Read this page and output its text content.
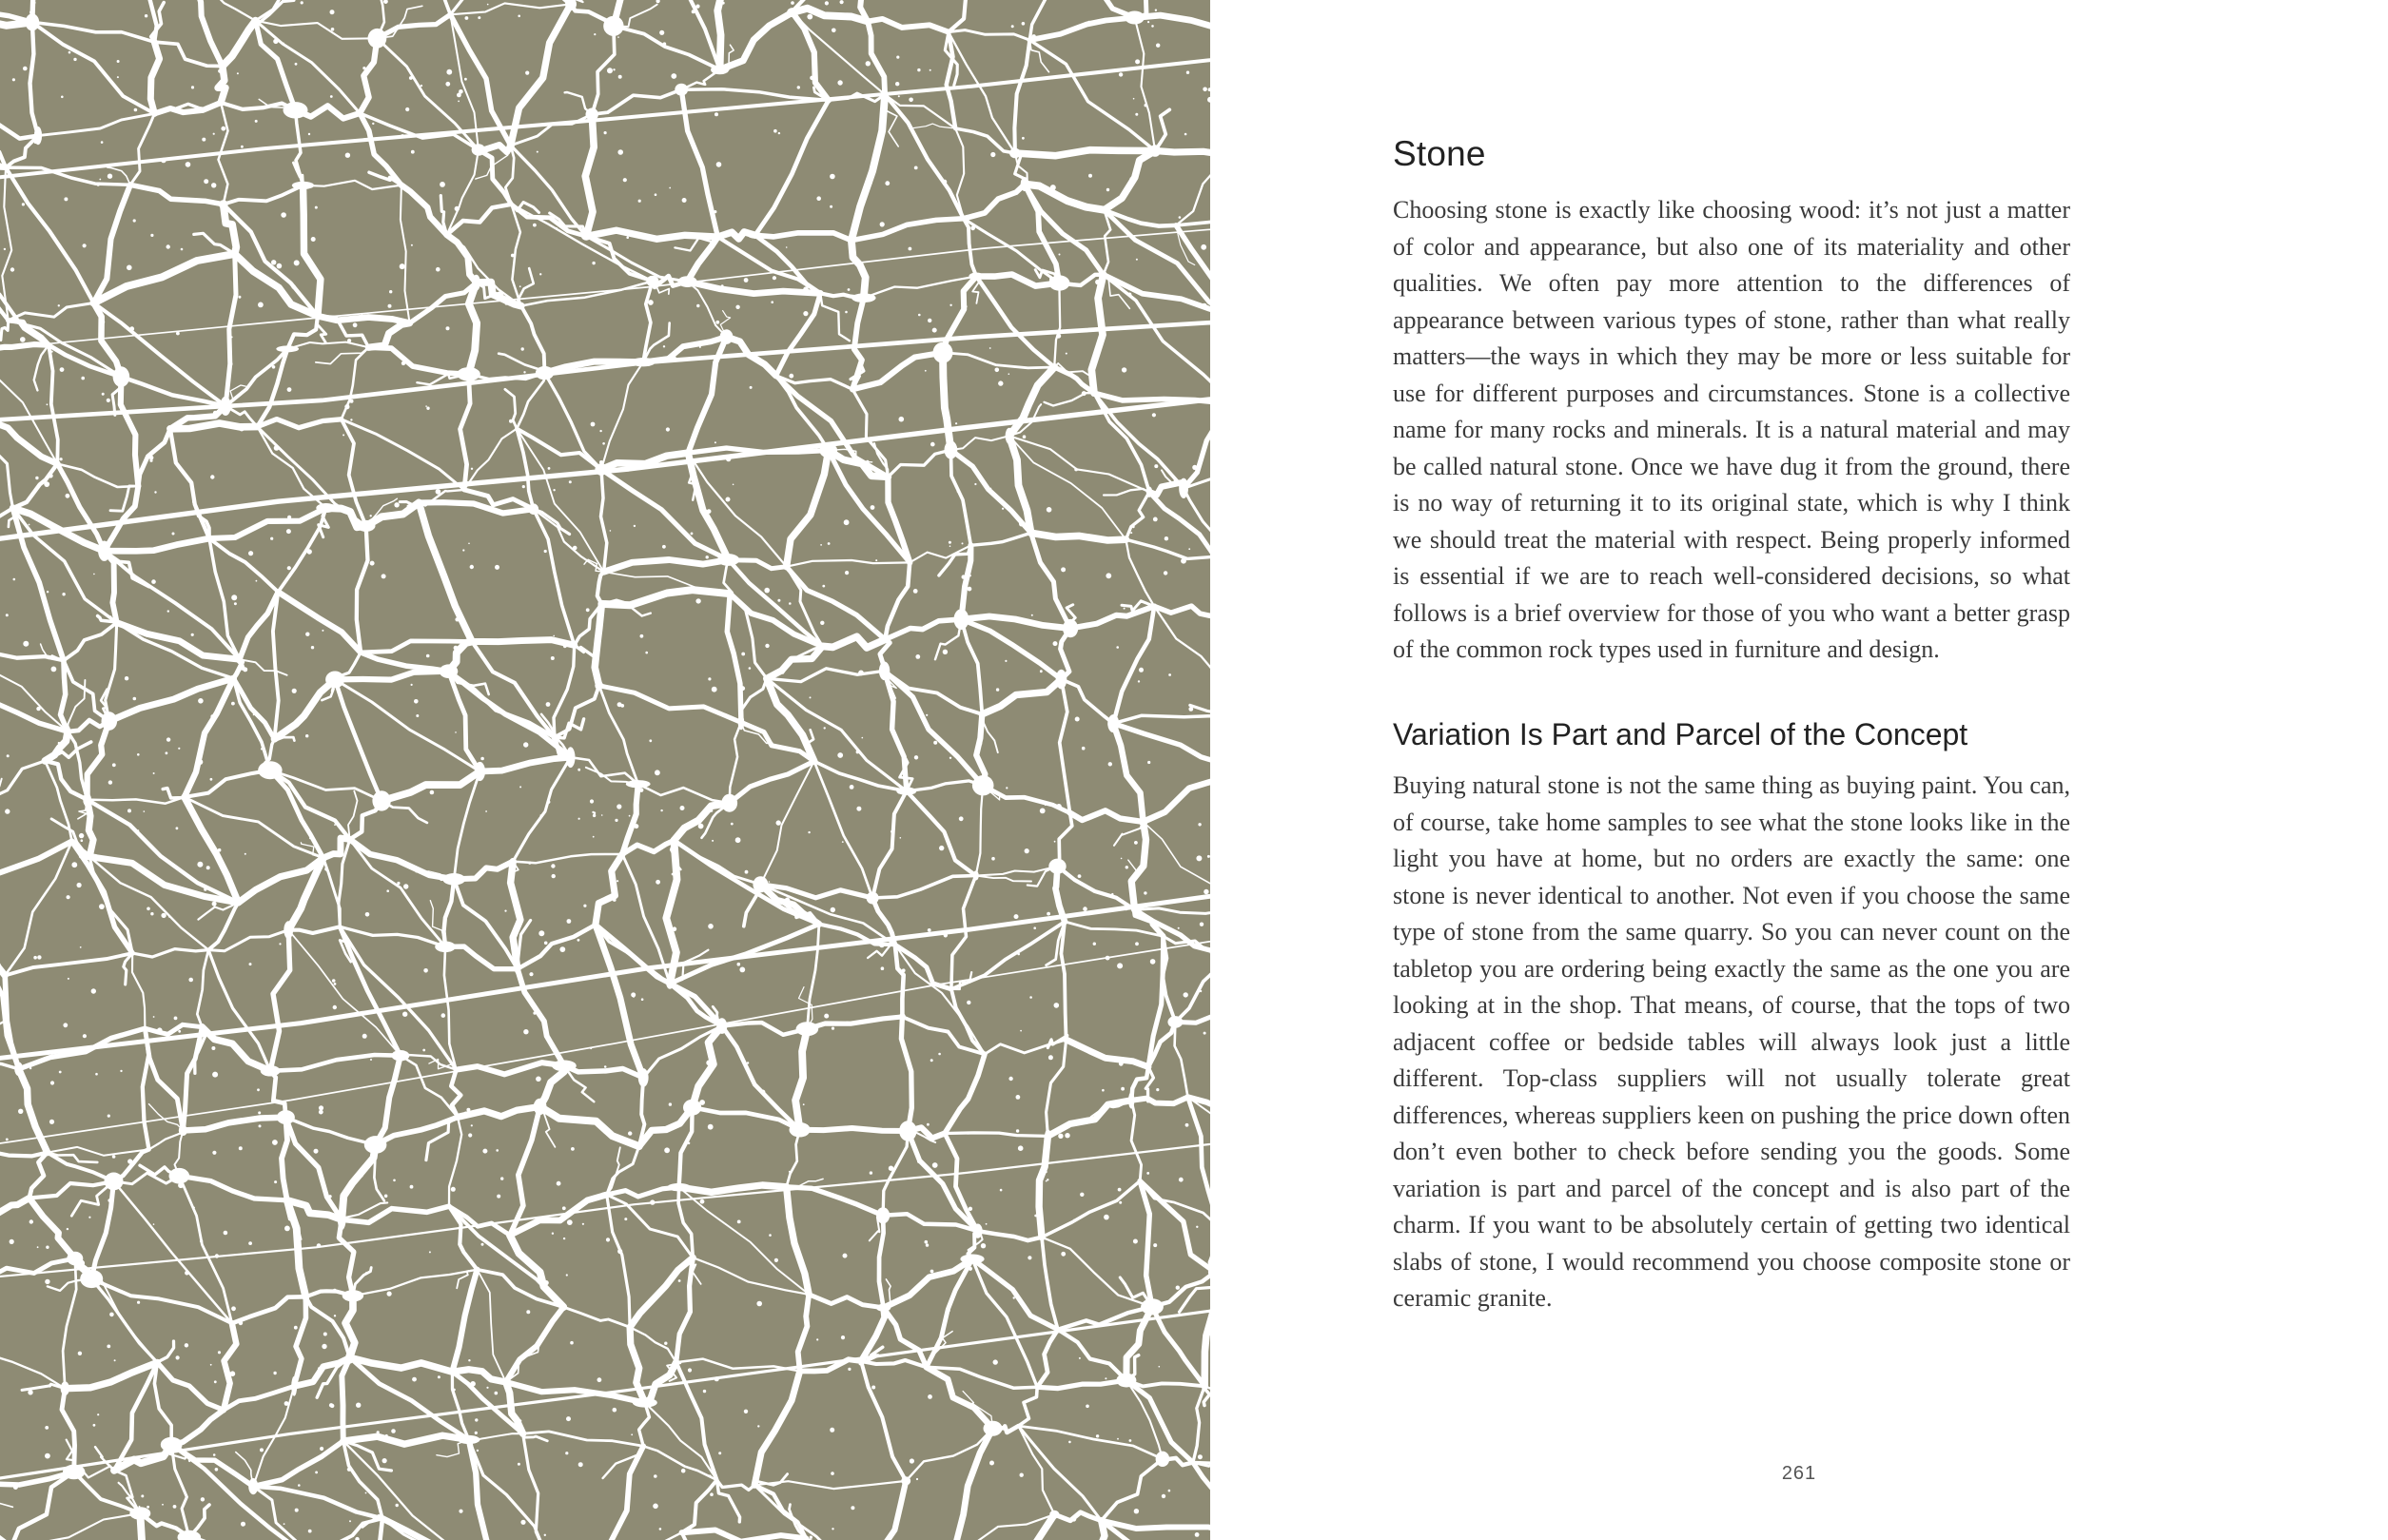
Stone

Choosing stone is exactly like choosing wood: it’s not just a matter of color and appearance, but also one of its materiality and other qualities. We often pay more attention to the differences of appearance between various types of stone, rather than what really matters—the ways in which they may be more or less suitable for use for different purposes and circumstances. Stone is a collective name for many rocks and minerals. It is a natural material and may be called natural stone. Once we have dug it from the ground, there is no way of returning it to its original state, which is why I think we should treat the material with respect. Being properly informed is essential if we are to reach well-considered decisions, so what follows is a brief overview for those of you who want a better grasp of the common rock types used in furniture and design.

Variation Is Part and Parcel of the Concept

Buying natural stone is not the same thing as buying paint. You can, of course, take home samples to see what the stone looks like in the light you have at home, but no orders are exactly the same: one stone is never identical to another. Not even if you choose the same type of stone from the same quarry. So you can never count on the tabletop you are ordering being exactly the same as the one you are looking at in the shop. That means, of course, that the tops of two adjacent coffee or bedside tables will always look just a little different. Top-class suppliers will not usually tolerate great differences, whereas suppliers keen on pushing the price down often don’t even bother to check before sending you the goods. Some variation is part and parcel of the concept and is also part of the charm. If you want to be absolutely certain of getting two identical slabs of stone, I would recommend you choose composite stone or ceramic granite.

261
